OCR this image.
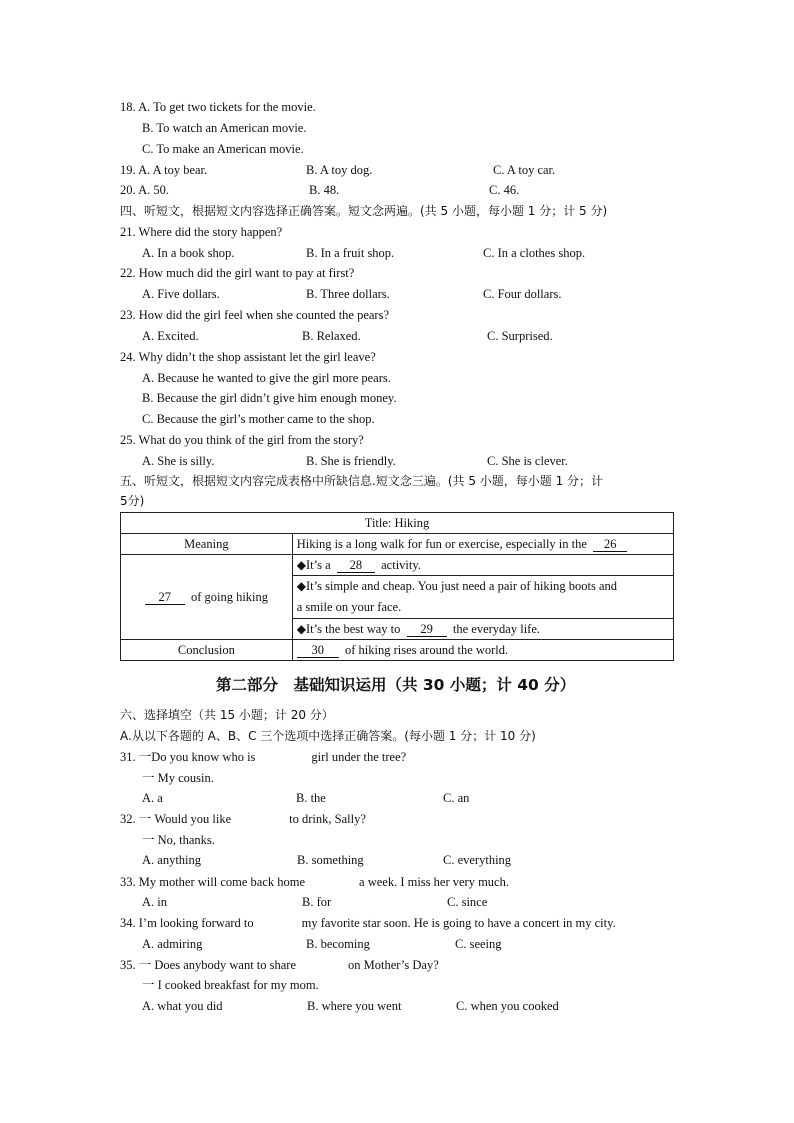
18. A. To get two tickets for the movie.
B. To watch an American movie.
C. To make an American movie.
19. A. A toy bear.	B. A toy dog.	C. A toy car.
20. A. 50.	B. 48.	C. 46.
四、听短文，根据短文内容选择正确答案。短文念两遍。(共 5 小题，每小题 1 分；计 5 分)
21. Where did the story happen?
A. In a book shop.	B. In a fruit shop.	C. In a clothes shop.
22. How much did the girl want to pay at first?
A. Five dollars.	B. Three dollars.	C. Four dollars.
23. How did the girl feel when she counted the pears?
A. Excited.	B. Relaxed.	C. Surprised.
24. Why didn’t the shop assistant let the girl leave?
A. Because he wanted to give the girl more pears.
B. Because the girl didn’t give him enough money.
C. Because the girl’s mother came to the shop.
25. What do you think of the girl from the story?
A. She is silly.	B. She is friendly.	C. She is clever.
五、听短文，根据短文内容完成表格中所缺信息.短文念三遍。(共 5 小题，每小题 1 分；计
5分)
Title: Hiking	
Meaning	Hiking is a long walk for fun or exercise, especially in the 26
27 of going hiking	◆It’s a 28 activity.
	◆It’s simple and cheap. You just need a pair of hiking boots and
a smile on your face.
	◆It’s the best way to 29 the everyday life.
Conclusion	30 of hiking rises around the world.
第二部分　基础知识运用（共 30 小题；计 40 分）
六、选择填空（共 15 小题；计 20 分）
A.从以下各题的 A、B、C 三个选项中选择正确答案。(每小题 1 分；计 10 分)
31. 一Do you know who is	girl under the tree?
一 My cousin.
A. a	B. the	C. an
32. 一 Would you like	to drink, Sally?
一 No, thanks.
A. anything	B. something	C. everything
33. My mother will come back home	a week. I miss her very much.
A. in	B. for	C. since
34. I’m looking forward to	my favorite star soon. He is going to have a concert in my city.
A. admiring	B. becoming	C. seeing
35. 一 Does anybody want to share	on Mother’s Day?
一 I cooked breakfast for my mom.
A. what you did	B. where you went	C. when you cooked
